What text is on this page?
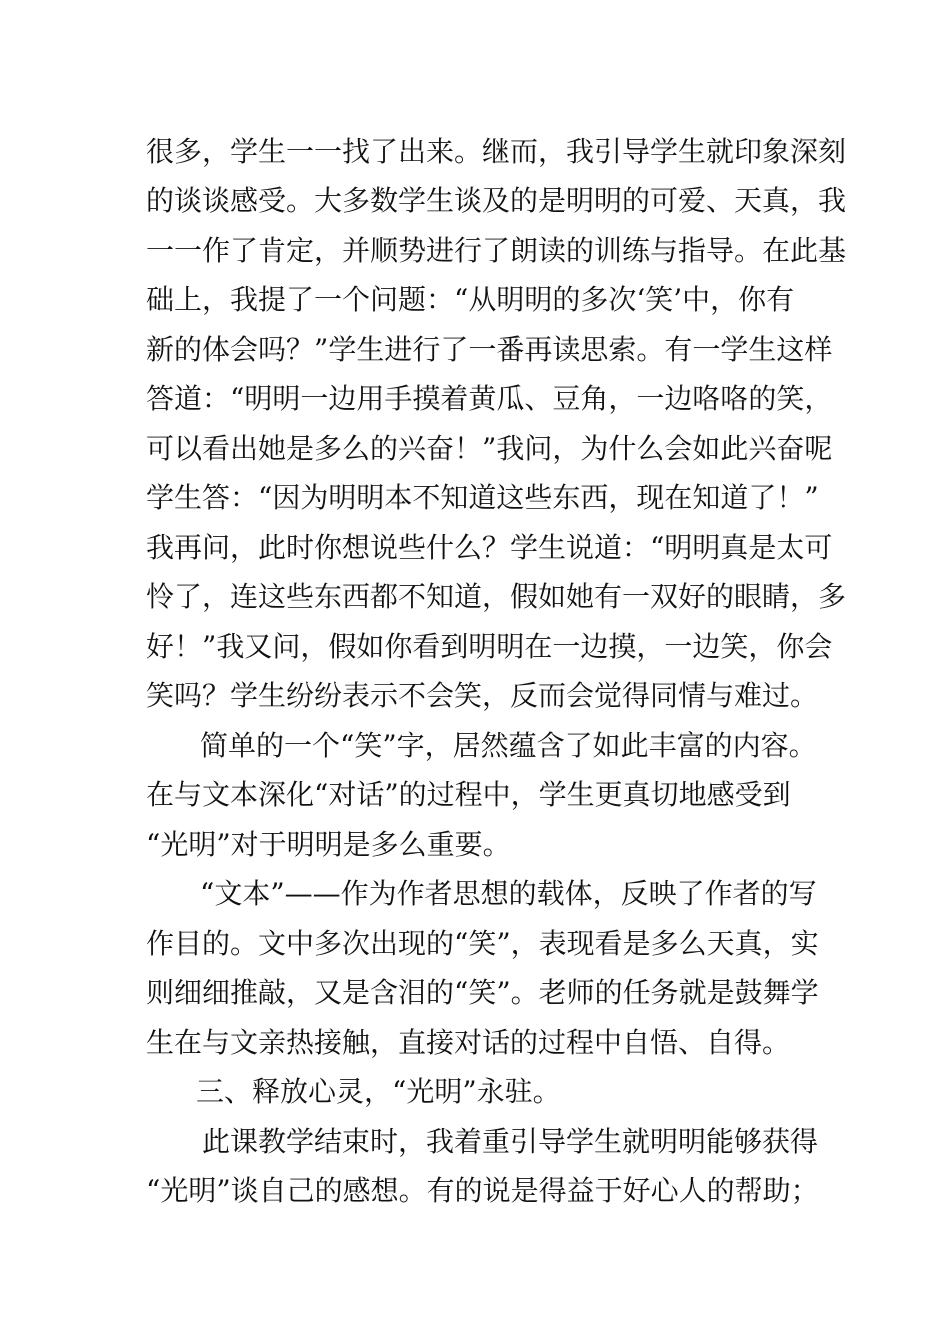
很多，学生一一找了出来。继而，我引导学生就印象深刻
的谈谈感受。大多数学生谈及的是明明的可爱、天真，我
一一作了肯定，并顺势进行了朗读的训练与指导。在此基
础上，我提了一个问题：“从明明的多次‘笑’中，你有
新的体会吗？”学生进行了一番再读思索。有一学生这样
答道：“明明一边用手摸着黄瓜、豆角，一边咯咯的笑，
可以看出她是多么的兴奋！”我问，为什么会如此兴奋呢
学生答：“因为明明本不知道这些东西，现在知道了！”
我再问，此时你想说些什么？学生说道：“明明真是太可
怜了，连这些东西都不知道，假如她有一双好的眼睛，多
好！”我又问，假如你看到明明在一边摸，一边笑，你会
笑吗？学生纷纷表示不会笑，反而会觉得同情与难过。
简单的一个“笑”字，居然蕴含了如此丰富的内容。
在与文本深化“对话”的过程中，学生更真切地感受到
“光明”对于明明是多么重要。
“文本”——作为作者思想的载体，反映了作者的写
作目的。文中多次出现的“笑”，表现看是多么天真，实
则细细推敲，又是含泪的“笑”。老师的任务就是鼓舞学
生在与文亲热接触，直接对话的过程中自悟、自得。
三、释放心灵，“光明”永驻。
此课教学结束时，我着重引导学生就明明能够获得
“光明”谈自己的感想。有的说是得益于好心人的帮助；
